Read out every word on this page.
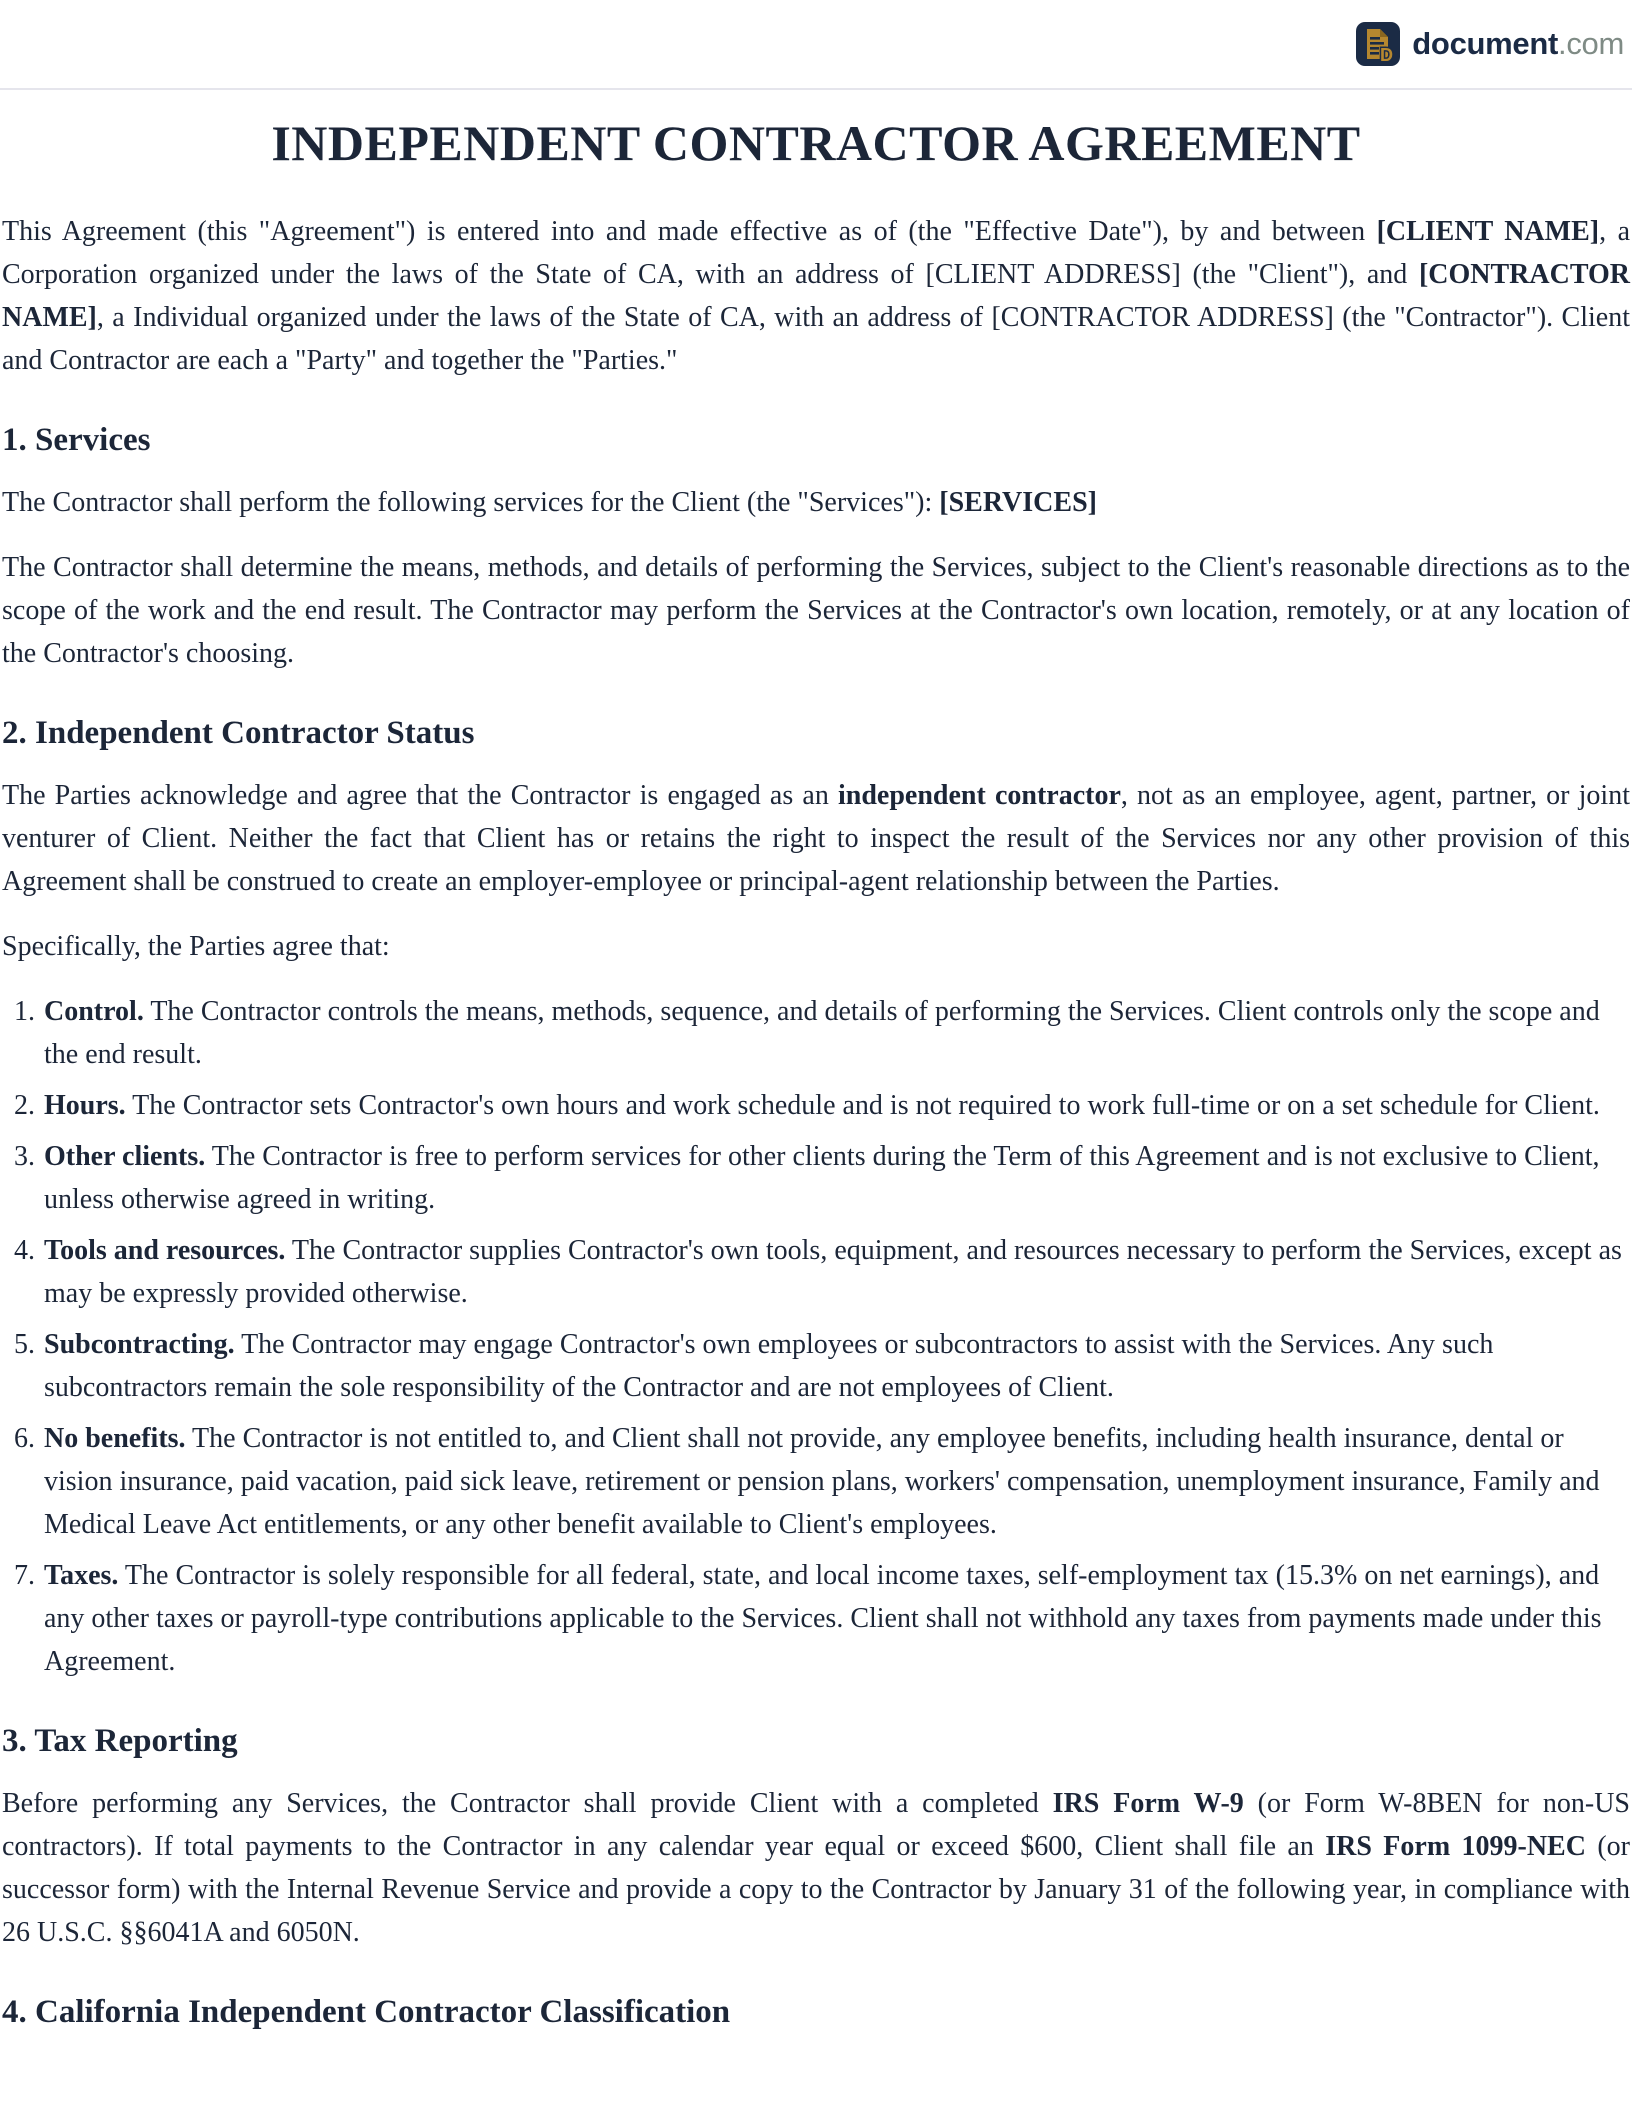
D document.com
INDEPENDENT CONTRACTOR AGREEMENT

This Agreement (this "Agreement") is entered into and made effective as of (the "Effective Date"), by and between [CLIENT NAME], a Corporation organized under the laws of the State of CA, with an address of [CLIENT ADDRESS] (the "Client"), and [CONTRACTOR NAME], a Individual organized under the laws of the State of CA, with an address of [CONTRACTOR ADDRESS] (the "Contractor"). Client and Contractor are each a "Party" and together the "Parties."

1. Services

The Contractor shall perform the following services for the Client (the "Services"): [SERVICES]

The Contractor shall determine the means, methods, and details of performing the Services, subject to the Client's reasonable directions as to the scope of the work and the end result. The Contractor may perform the Services at the Contractor's own location, remotely, or at any location of the Contractor's choosing.

2. Independent Contractor Status

The Parties acknowledge and agree that the Contractor is engaged as an independent contractor, not as an employee, agent, partner, or joint venturer of Client. Neither the fact that Client has or retains the right to inspect the result of the Services nor any other provision of this Agreement shall be construed to create an employer-employee or principal-agent relationship between the Parties.

Specifically, the Parties agree that:

1. Control. The Contractor controls the means, methods, sequence, and details of performing the Services. Client controls only the scope and the end result.
2. Hours. The Contractor sets Contractor's own hours and work schedule and is not required to work full-time or on a set schedule for Client.
3. Other clients. The Contractor is free to perform services for other clients during the Term of this Agreement and is not exclusive to Client, unless otherwise agreed in writing.
4. Tools and resources. The Contractor supplies Contractor's own tools, equipment, and resources necessary to perform the Services, except as may be expressly provided otherwise.
5. Subcontracting. The Contractor may engage Contractor's own employees or subcontractors to assist with the Services. Any such subcontractors remain the sole responsibility of the Contractor and are not employees of Client.
6. No benefits. The Contractor is not entitled to, and Client shall not provide, any employee benefits, including health insurance, dental or vision insurance, paid vacation, paid sick leave, retirement or pension plans, workers' compensation, unemployment insurance, Family and Medical Leave Act entitlements, or any other benefit available to Client's employees.
7. Taxes. The Contractor is solely responsible for all federal, state, and local income taxes, self-employment tax (15.3% on net earnings), and any other taxes or payroll-type contributions applicable to the Services. Client shall not withhold any taxes from payments made under this Agreement.
3. Tax Reporting

Before performing any Services, the Contractor shall provide Client with a completed IRS Form W-9 (or Form W-8BEN for non-US contractors). If total payments to the Contractor in any calendar year equal or exceed $600, Client shall file an IRS Form 1099-NEC (or successor form) with the Internal Revenue Service and provide a copy to the Contractor by January 31 of the following year, in compliance with 26 U.S.C. §§6041A and 6050N.

4. California Independent Contractor Classification
